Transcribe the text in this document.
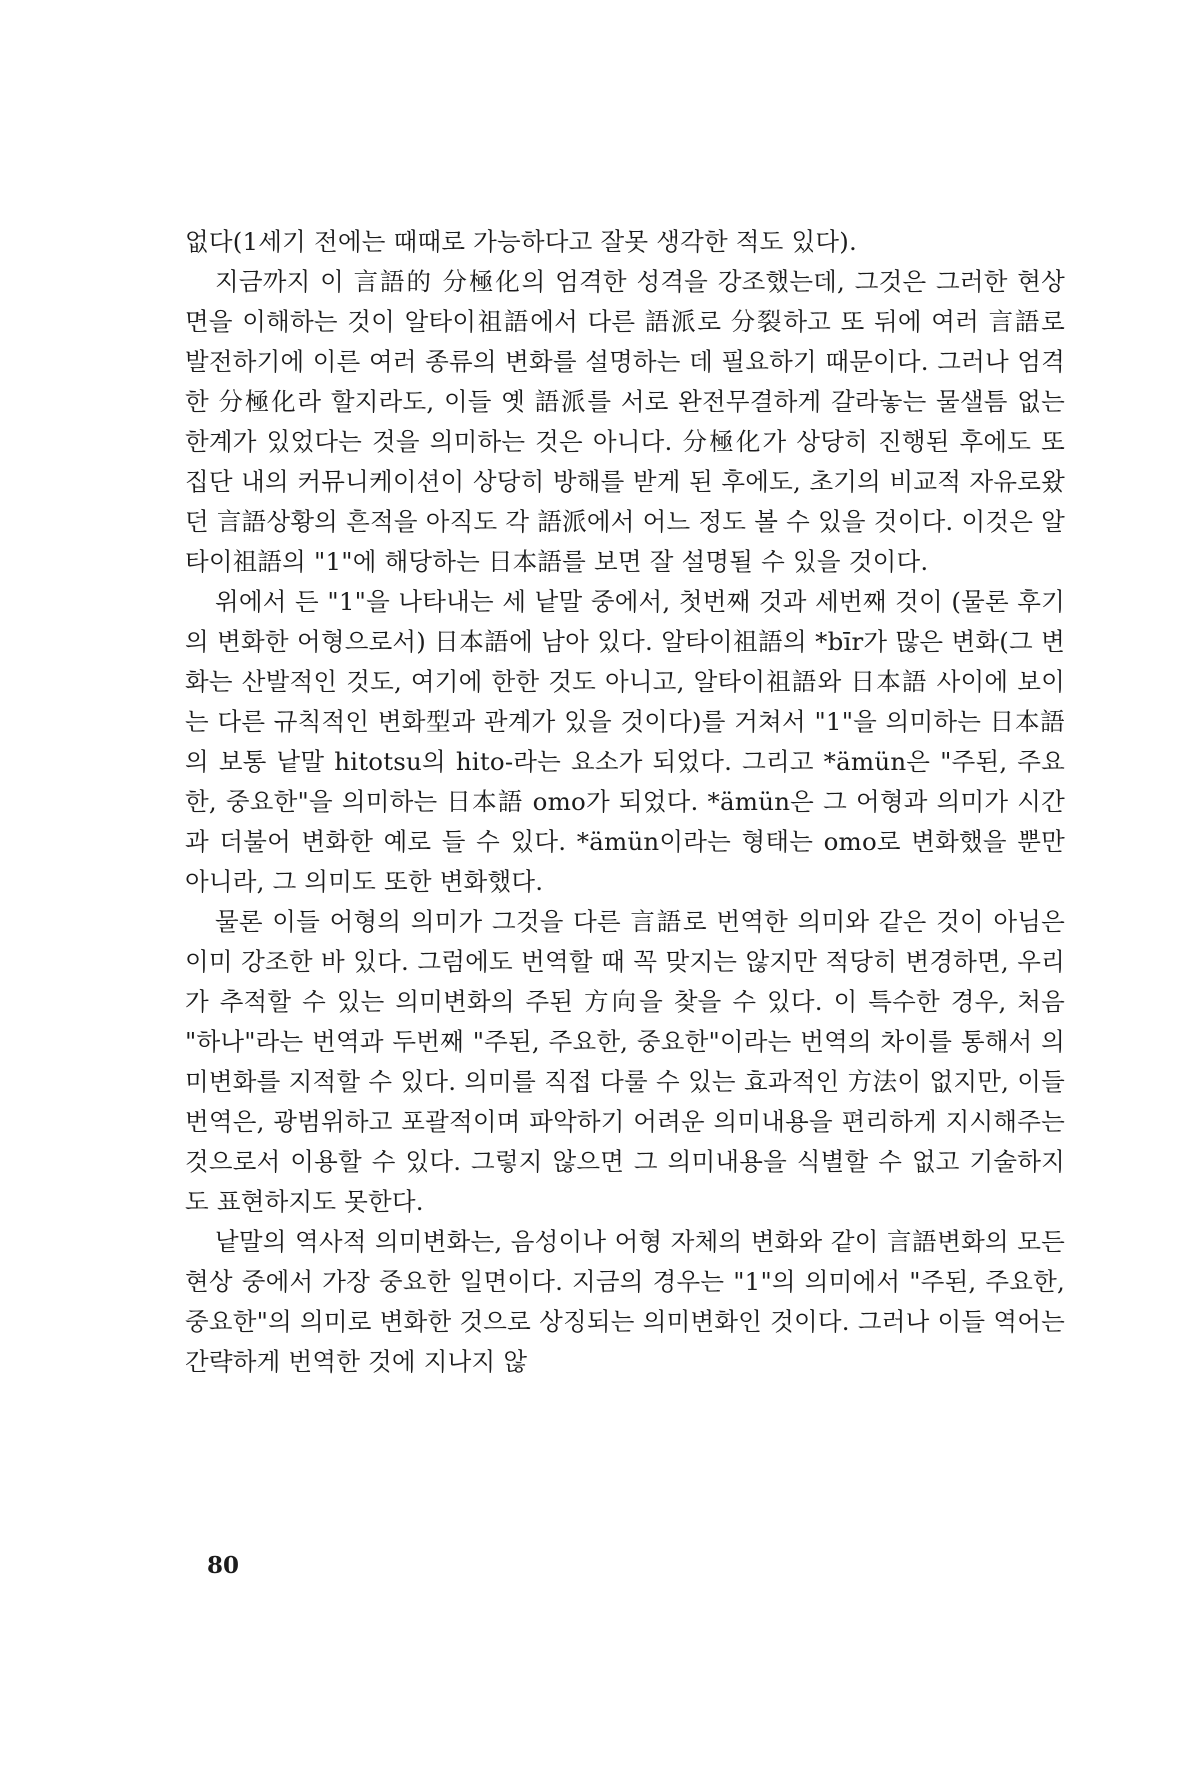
없다(1세기 전에는 때때로 가능하다고 잘못 생각한 적도 있다).

지금까지 이 言語的 分極化의 엄격한 성격을 강조했는데, 그것은 그러한 현상 면을 이해하는 것이 알타이祖語에서 다른 語派로 分裂하고 또 뒤에 여러 言語로 발전하기에 이른 여러 종류의 변화를 설명하는 데 필요하기 때문이다. 그러나 엄격한 分極化라 할지라도, 이들 옛 語派를 서로 완전무결하게 갈라놓는 물샐틈 없는 한계가 있었다는 것을 의미하는 것은 아니다. 分極化가 상당히 진행된 후에도 또 집단 내의 커뮤니케이션이 상당히 방해를 받게 된 후에도, 초기의 비교적 자유로왔던 言語상황의 흔적을 아직도 각 語派에서 어느 정도 볼 수 있을 것이다. 이것은 알타이祖語의 "1"에 해당하는 日本語를 보면 잘 설명될 수 있을 것이다.

위에서 든 "1"을 나타내는 세 낱말 중에서, 첫번째 것과 세번째 것이 (물론 후기의 변화한 어형으로서) 日本語에 남아 있다. 알타이祖語의 *bīr가 많은 변화(그 변화는 산발적인 것도, 여기에 한한 것도 아니고, 알타이祖語와 日本語 사이에 보이는 다른 규칙적인 변화型과 관계가 있을 것이다)를 거쳐서 "1"을 의미하는 日本語의 보통 낱말 hitotsu의 hito-라는 요소가 되었다. 그리고 *ämün은 "주된, 주요한, 중요한"을 의미하는 日本語 omo가 되었다. *ämün은 그 어형과 의미가 시간과 더불어 변화한 예로 들 수 있다. *ämün이라는 형태는 omo로 변화했을 뿐만 아니라, 그 의미도 또한 변화했다.

물론 이들 어형의 의미가 그것을 다른 言語로 번역한 의미와 같은 것이 아님은 이미 강조한 바 있다. 그럼에도 번역할 때 꼭 맞지는 않지만 적당히 변경하면, 우리가 추적할 수 있는 의미변화의 주된 方向을 찾을 수 있다. 이 특수한 경우, 처음 "하나"라는 번역과 두번째 "주된, 주요한, 중요한"이라는 번역의 차이를 통해서 의미변화를 지적할 수 있다. 의미를 직접 다룰 수 있는 효과적인 方法이 없지만, 이들 번역은, 광범위하고 포괄적이며 파악하기 어려운 의미내용을 편리하게 지시해주는 것으로서 이용할 수 있다. 그렇지 않으면 그 의미내용을 식별할 수 없고 기술하지도 표현하지도 못한다.

낱말의 역사적 의미변화는, 음성이나 어형 자체의 변화와 같이 言語변화의 모든 현상 중에서 가장 중요한 일면이다. 지금의 경우는 "1"의 의미에서 "주된, 주요한, 중요한"의 의미로 변화한 것으로 상징되는 의미변화인 것이다. 그러나 이들 역어는 간략하게 번역한 것에 지나지 않

80
